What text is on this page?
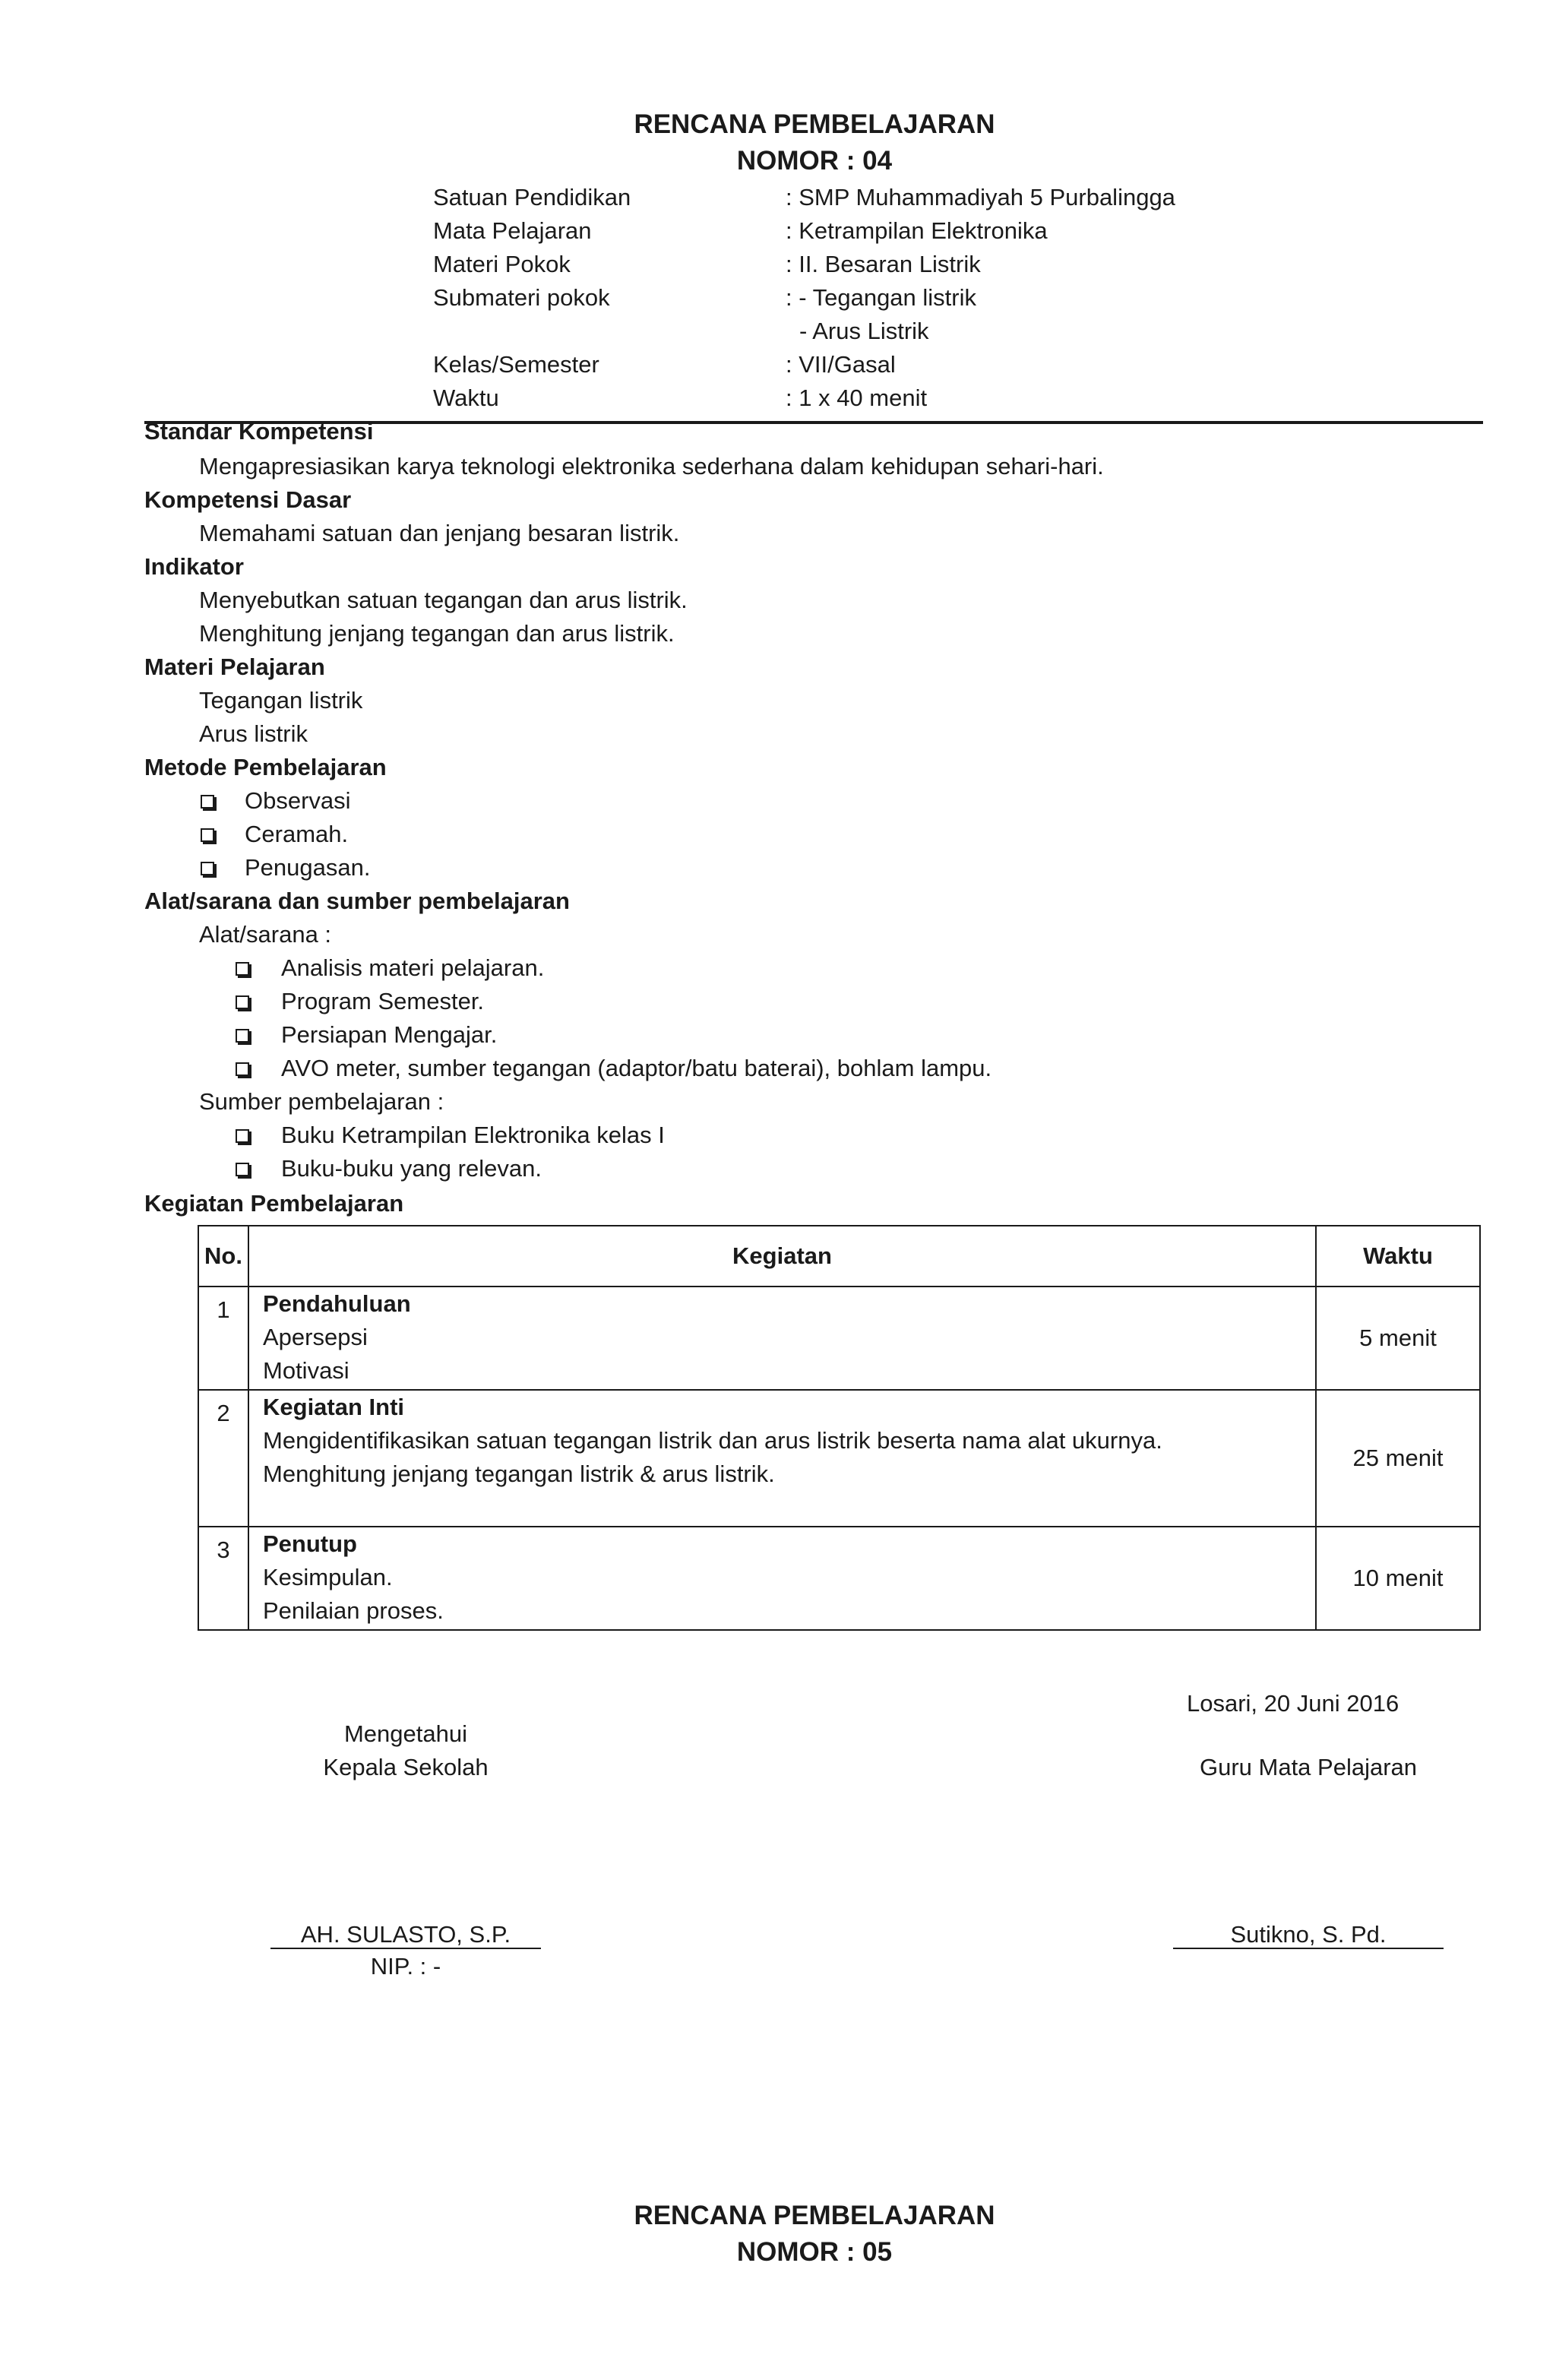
RENCANA PEMBELAJARAN
NOMOR : 04
Satuan Pendidikan	: SMP Muhammadiyah 5 Purbalingga
Mata Pelajaran	: Ketrampilan Elektronika
Materi Pokok	: II. Besaran Listrik
Submateri pokok	: - Tegangan listrik
- Arus Listrik
Kelas/Semester	: VII/Gasal
Waktu	: 1 x 40 menit
Standar Kompetensi
Mengapresiasikan karya teknologi elektronika sederhana dalam kehidupan sehari-hari.
Kompetensi Dasar
Memahami satuan dan jenjang besaran listrik.
Indikator
Menyebutkan satuan tegangan dan arus listrik.
Menghitung jenjang tegangan dan arus listrik.
Materi Pelajaran
Tegangan listrik
Arus listrik
Metode Pembelajaran
Observasi
Ceramah.
Penugasan.
Alat/sarana dan sumber pembelajaran
Alat/sarana :
Analisis materi pelajaran.
Program Semester.
Persiapan Mengajar.
AVO meter, sumber tegangan (adaptor/batu baterai), bohlam lampu.
Sumber pembelajaran :
Buku Ketrampilan Elektronika kelas I
Buku-buku yang relevan.
Kegiatan Pembelajaran
No.	Kegiatan	Waktu
1	Pendahuluan
Apersepsi
Motivasi	5 menit
2	Kegiatan Inti
Mengidentifikasikan satuan tegangan listrik dan arus listrik beserta nama alat ukurnya.
Menghitung jenjang tegangan listrik & arus listrik.	25 menit
3	Penutup
Kesimpulan.
Penilaian proses.	10 menit
Losari, 20 Juni 2016
Mengetahui
Kepala Sekolah	Guru Mata Pelajaran
AH. SULASTO, S.P.
NIP. : -
Sutikno, S. Pd.
RENCANA PEMBELAJARAN
NOMOR : 05
